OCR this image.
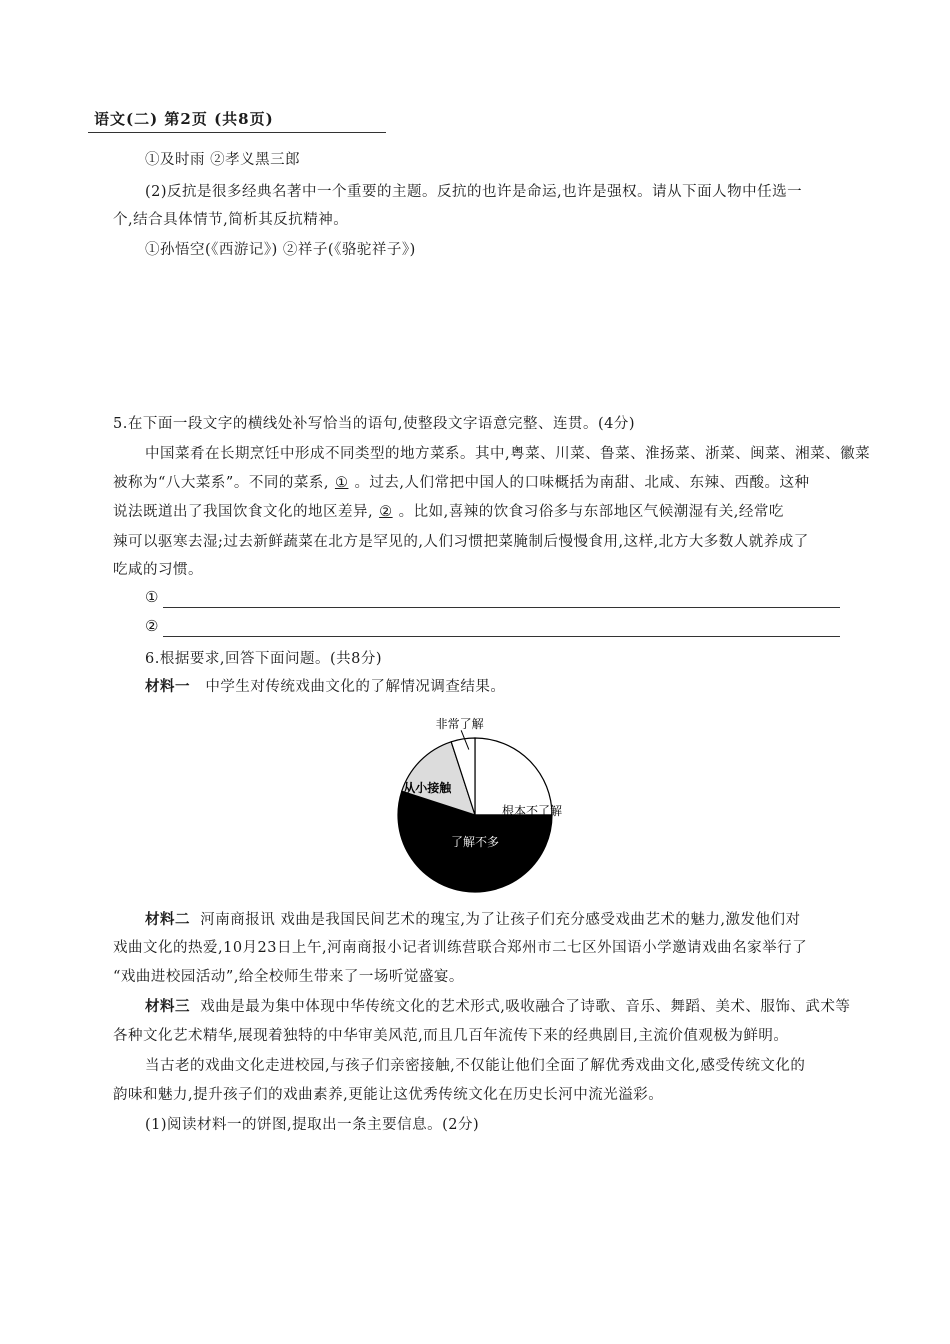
语文(二) 第2页 (共8页)
①及时雨 ②孝义黑三郎
(2)反抗是很多经典名著中一个重要的主题。反抗的也许是命运,也许是强权。请从下面人物中任选一
个,结合具体情节,简析其反抗精神。
①孙悟空(《西游记》) ②祥子(《骆驼祥子》)
5.在下面一段文字的横线处补写恰当的语句,使整段文字语意完整、连贯。(4分)
中国菜肴在长期烹饪中形成不同类型的地方菜系。其中,粤菜、川菜、鲁菜、淮扬菜、浙菜、闽菜、湘菜、徽菜
被称为“八大菜系”。不同的菜系, ① 。过去,人们常把中国人的口味概括为南甜、北咸、东辣、西酸。这种
说法既道出了我国饮食文化的地区差异, ② 。比如,喜辣的饮食习俗多与东部地区气候潮湿有关,经常吃
辣可以驱寒去湿;过去新鲜蔬菜在北方是罕见的,人们习惯把菜腌制后慢慢食用,这样,北方大多数人就养成了
吃咸的习惯。
①
②
6.根据要求,回答下面问题。(共8分)
材料一 中学生对传统戏曲文化的了解情况调查结果。
根本不了解
了解不多
从小接触
非常了解
材料二 河南商报讯 戏曲是我国民间艺术的瑰宝,为了让孩子们充分感受戏曲艺术的魅力,激发他们对
戏曲文化的热爱,10月23日上午,河南商报小记者训练营联合郑州市二七区外国语小学邀请戏曲名家举行了
“戏曲进校园活动”,给全校师生带来了一场听觉盛宴。
材料三 戏曲是最为集中体现中华传统文化的艺术形式,吸收融合了诗歌、音乐、舞蹈、美术、服饰、武术等
各种文化艺术精华,展现着独特的中华审美风范,而且几百年流传下来的经典剧目,主流价值观极为鲜明。
当古老的戏曲文化走进校园,与孩子们亲密接触,不仅能让他们全面了解优秀戏曲文化,感受传统文化的
韵味和魅力,提升孩子们的戏曲素养,更能让这优秀传统文化在历史长河中流光溢彩。
(1)阅读材料一的饼图,提取出一条主要信息。(2分)
